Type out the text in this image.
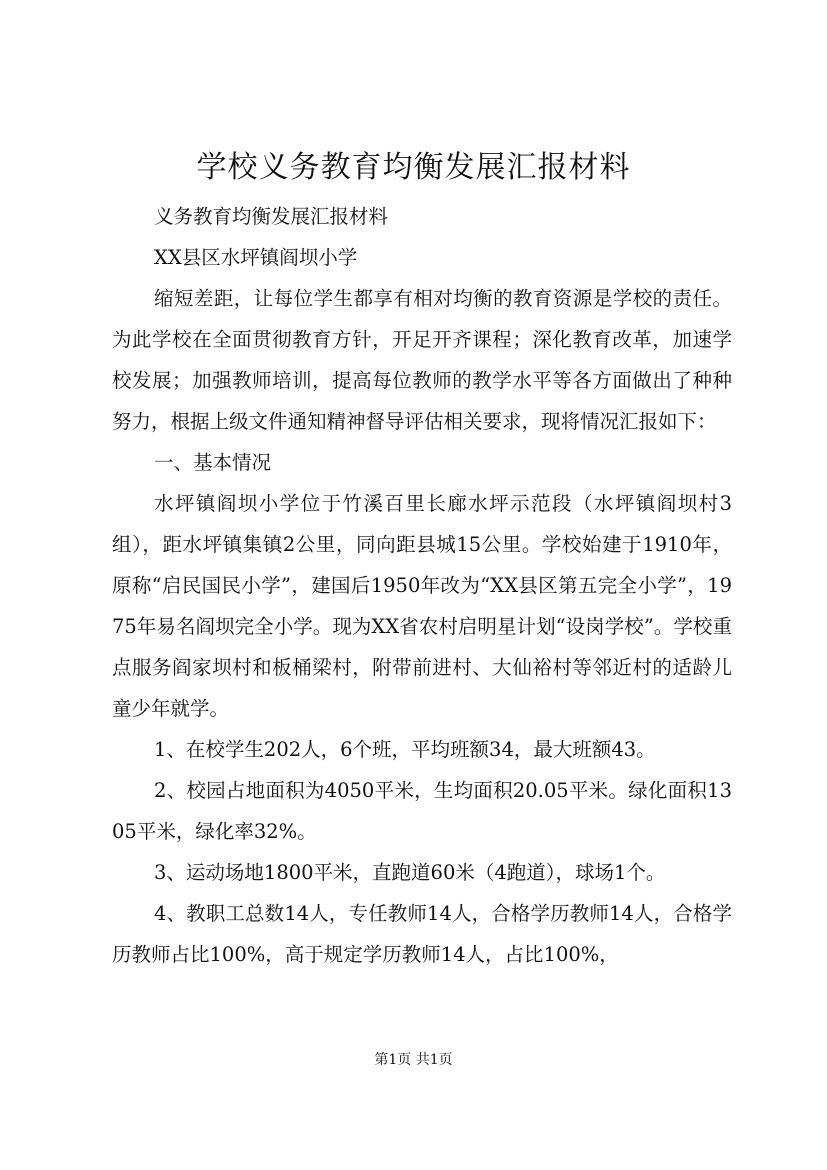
学校义务教育均衡发展汇报材料

义务教育均衡发展汇报材料

XX县区水坪镇阎坝小学

缩短差距，让每位学生都享有相对均衡的教育资源是学校的责任。为此学校在全面贯彻教育方针，开足开齐课程；深化教育改革，加速学校发展；加强教师培训，提高每位教师的教学水平等各方面做出了种种努力，根据上级文件通知精神督导评估相关要求，现将情况汇报如下：

一、基本情况

水坪镇阎坝小学位于竹溪百里长廊水坪示范段（水坪镇阎坝村3组），距水坪镇集镇2公里，同向距县城15公里。学校始建于1910年，原称“启民国民小学”，建国后1950年改为“XX县区第五完全小学”，1975年易名阎坝完全小学。现为XX省农村启明星计划“设岗学校”。学校重点服务阎家坝村和板桶梁村，附带前进村、大仙裕村等邻近村的适龄儿童少年就学。

1、在校学生202人，6个班，平均班额34，最大班额43。

2、校园占地面积为4050平米，生均面积20.05平米。绿化面积1305平米，绿化率32%。

3、运动场地1800平米，直跑道60米（4跑道），球场1个。

4、教职工总数14人，专任教师14人，合格学历教师14人，合格学历教师占比100%，高于规定学历教师14人，占比100%，

第1页 共1页
